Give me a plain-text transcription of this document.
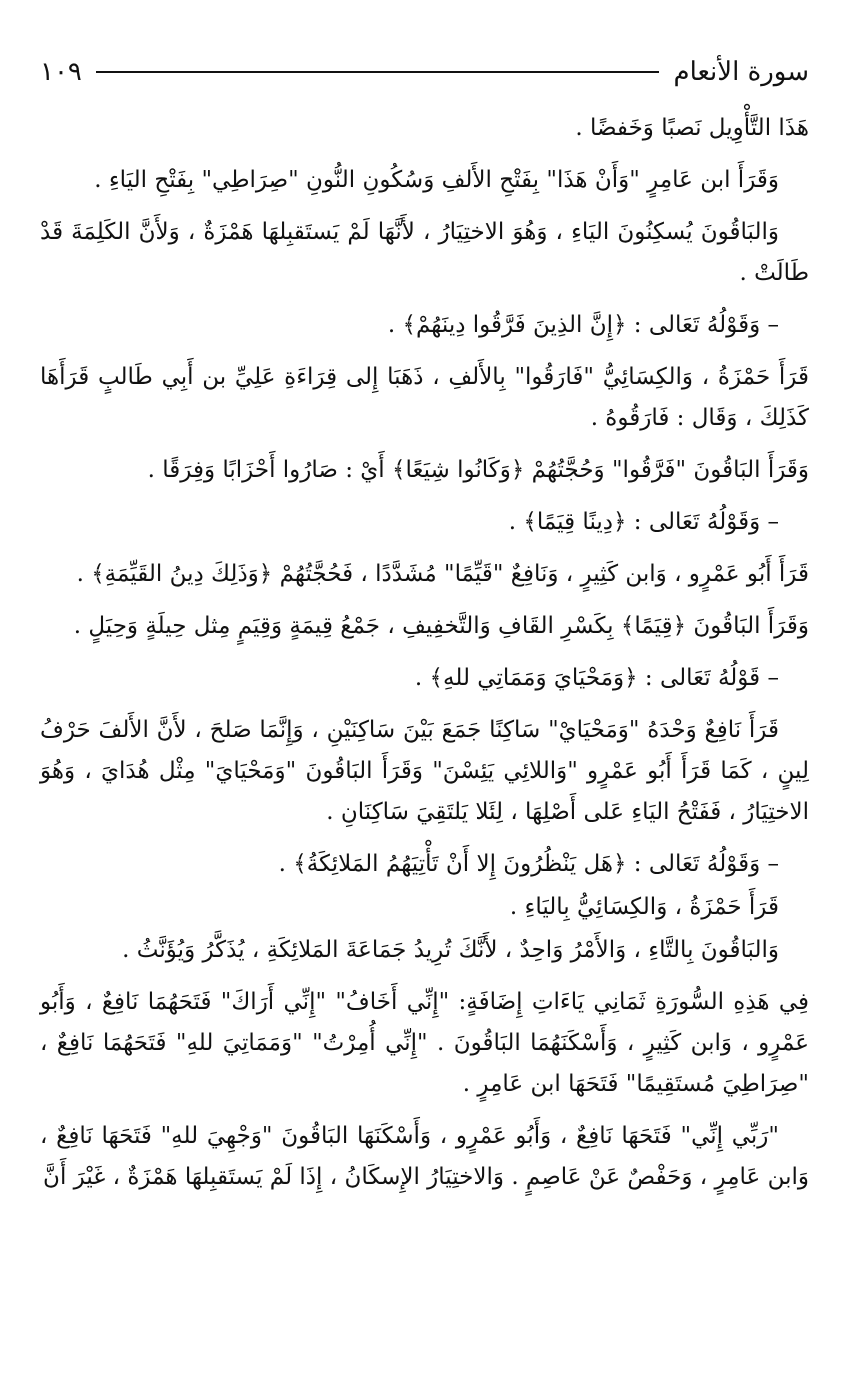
سورة الأنعام
١٠٩

هَذَا التَّأْوِيل نَصبًا وَخَفضًا .

وَقَرَأَ ابن عَامِرٍ "وَأَنْ هَذَا" بِفَتْحِ الأَلفِ وَسُكُونِ النُّونِ "صِرَاطِي" بِفَتْحِ اليَاءِ .

وَالبَاقُونَ يُسكِنُونَ اليَاءِ ، وَهُوَ الاختِيَارُ ، لأَنَّهَا لَمْ يَستَقبِلهَا هَمْزَةٌ ، وَلأَنَّ الكَلِمَةَ قَدْ طَالَتْ .

– وَقَوْلُهُ تَعَالى : ﴿إِنَّ الذِينَ فَرَّقُوا دِينَهُمْ﴾ .

قَرَأَ حَمْزَةُ ، وَالكِسَائِيُّ "فَارَقُوا" بِالأَلفِ ، ذَهَبَا إِلى قِرَاءَةِ عَلِيِّ بن أَبِي طَالبٍ قَرَأَهَا كَذَلِكَ ، وَقَال : فَارَقُوهُ .

وَقَرَأَ البَاقُونَ "فَرَّقُوا" وَحُجَّتُهُمْ ﴿وَكَانُوا شِيَعًا﴾ أَيْ : صَارُوا أَحْزَابًا وَفِرَقًا .

– وَقَوْلُهُ تَعَالى : ﴿دِينًا قِيَمًا﴾ .

قَرَأَ أَبُو عَمْرٍو ، وَابن كَثِيرٍ ، وَنَافِعٌ "قَيِّمًا" مُشَدَّدًا ، فَحُجَّتُهُمْ ﴿وَذَلِكَ دِينُ القَيِّمَةِ﴾ .

وَقَرَأَ البَاقُونَ ﴿قِيَمًا﴾ بِكَسْرِ القَافِ وَالتَّخفِيفِ ، جَمْعُ قِيمَةٍ وَقِيَمٍ مِثل حِيلَةٍ وَحِيَلٍ .

– قَوْلُهُ تَعَالى : ﴿وَمَحْيَايَ وَمَمَاتِي للهِ﴾ .

قَرَأَ نَافِعٌ وَحْدَهُ "وَمَحْيَايْ" سَاكِنًا جَمَعَ بَيْنَ سَاكِنَيْنِ ، وَإِنَّمَا صَلحَ ، لأَنَّ الأَلفَ حَرْفُ لِينٍ ، كَمَا قَرَأَ أَبُو عَمْرٍو "وَاللائِي يَئِسْنَ" وَقَرَأَ البَاقُونَ "وَمَحْيَايَ" مِثْل هُدَايَ ، وَهُوَ الاختِيَارُ ، فَفَتْحُ اليَاءِ عَلى أَصْلِهَا ، لِئَلا يَلتَقِيَ سَاكِنَانِ .

– وَقَوْلُهُ تَعَالى : ﴿هَل يَنْظُرُونَ إِلا أَنْ تَأْتِيَهُمُ المَلائِكَةُ﴾ .

قَرَأَ حَمْزَةُ ، وَالكِسَائِيُّ بِاليَاءِ .

وَالبَاقُونَ بِالتَّاءِ ، وَالأَمْرُ وَاحِدٌ ، لأَنَّكَ تُرِيدُ جَمَاعَةَ المَلائِكَةِ ، يُذَكَّرُ وَيُؤَنَّثُ .

فِي هَذِهِ السُّورَةِ ثَمَانِي يَاءَاتِ إِضَافَةٍ: "إِنِّي أَخَافُ" "إِنِّي أَرَاكَ" فَتَحَهُمَا نَافِعٌ ، وَأَبُو عَمْرٍو ، وَابن كَثِيرٍ ، وَأَسْكَنَهُمَا البَاقُونَ . "إِنِّي أُمِرْتُ" "وَمَمَاتِيَ للهِ" فَتَحَهُمَا نَافِعٌ ، "صِرَاطِيَ مُستَقِيمًا" فَتَحَهَا ابن عَامِرٍ .

"رَبِّي إِنِّي" فَتَحَهَا نَافِعٌ ، وَأَبُو عَمْرٍو ، وَأَسْكَنَهَا البَاقُونَ "وَجْهِيَ للهِ" فَتَحَهَا نَافِعٌ ، وَابن عَامِرٍ ، وَحَفْصٌ عَنْ عَاصِمٍ . وَالاختِيَارُ الإِسكَانُ ، إِذَا لَمْ يَستَقبِلهَا هَمْزَةٌ ، غَيْرَ أَنَّ
